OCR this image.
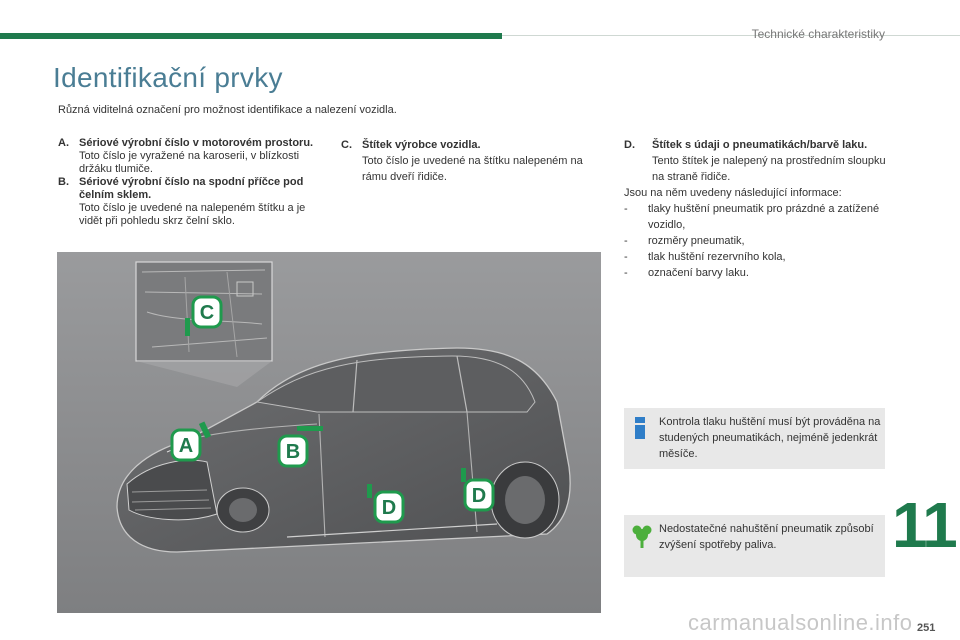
Technické charakteristiky
Identifikační prvky
Různá viditelná označení pro možnost identifikace a nalezení vozidla.
A. Sériové výrobní číslo v motorovém prostoru.
Toto číslo je vyražené na karoserii, v blízkosti držáku tlumiče.
B. Sériové výrobní číslo na spodní příčce pod čelním sklem.
Toto číslo je uvedené na nalepeném štítku a je vidět při pohledu skrz čelní sklo.
C. Štítek výrobce vozidla.
Toto číslo je uvedené na štítku nalepeném na rámu dveří řidiče.
D.	Štítek s údaji o pneumatikách/barvě laku.
Tento štítek je nalepený na prostředním sloupku na straně řidiče.
Jsou na něm uvedeny následující informace:
-	tlaky huštění pneumatik pro prázdné a zatížené vozidlo,
-	rozměry pneumatik,
-	tlak huštění rezervního kola,
-	označení barvy laku.
A	B
C
D
D
Kontrola tlaku huštění musí být prováděna na studených pneumatikách, nejméně jedenkrát měsíče.
Nedostatečné nahuštění pneumatik způsobí zvýšení spotřeby paliva.	11
carmanualsonline.info 251
